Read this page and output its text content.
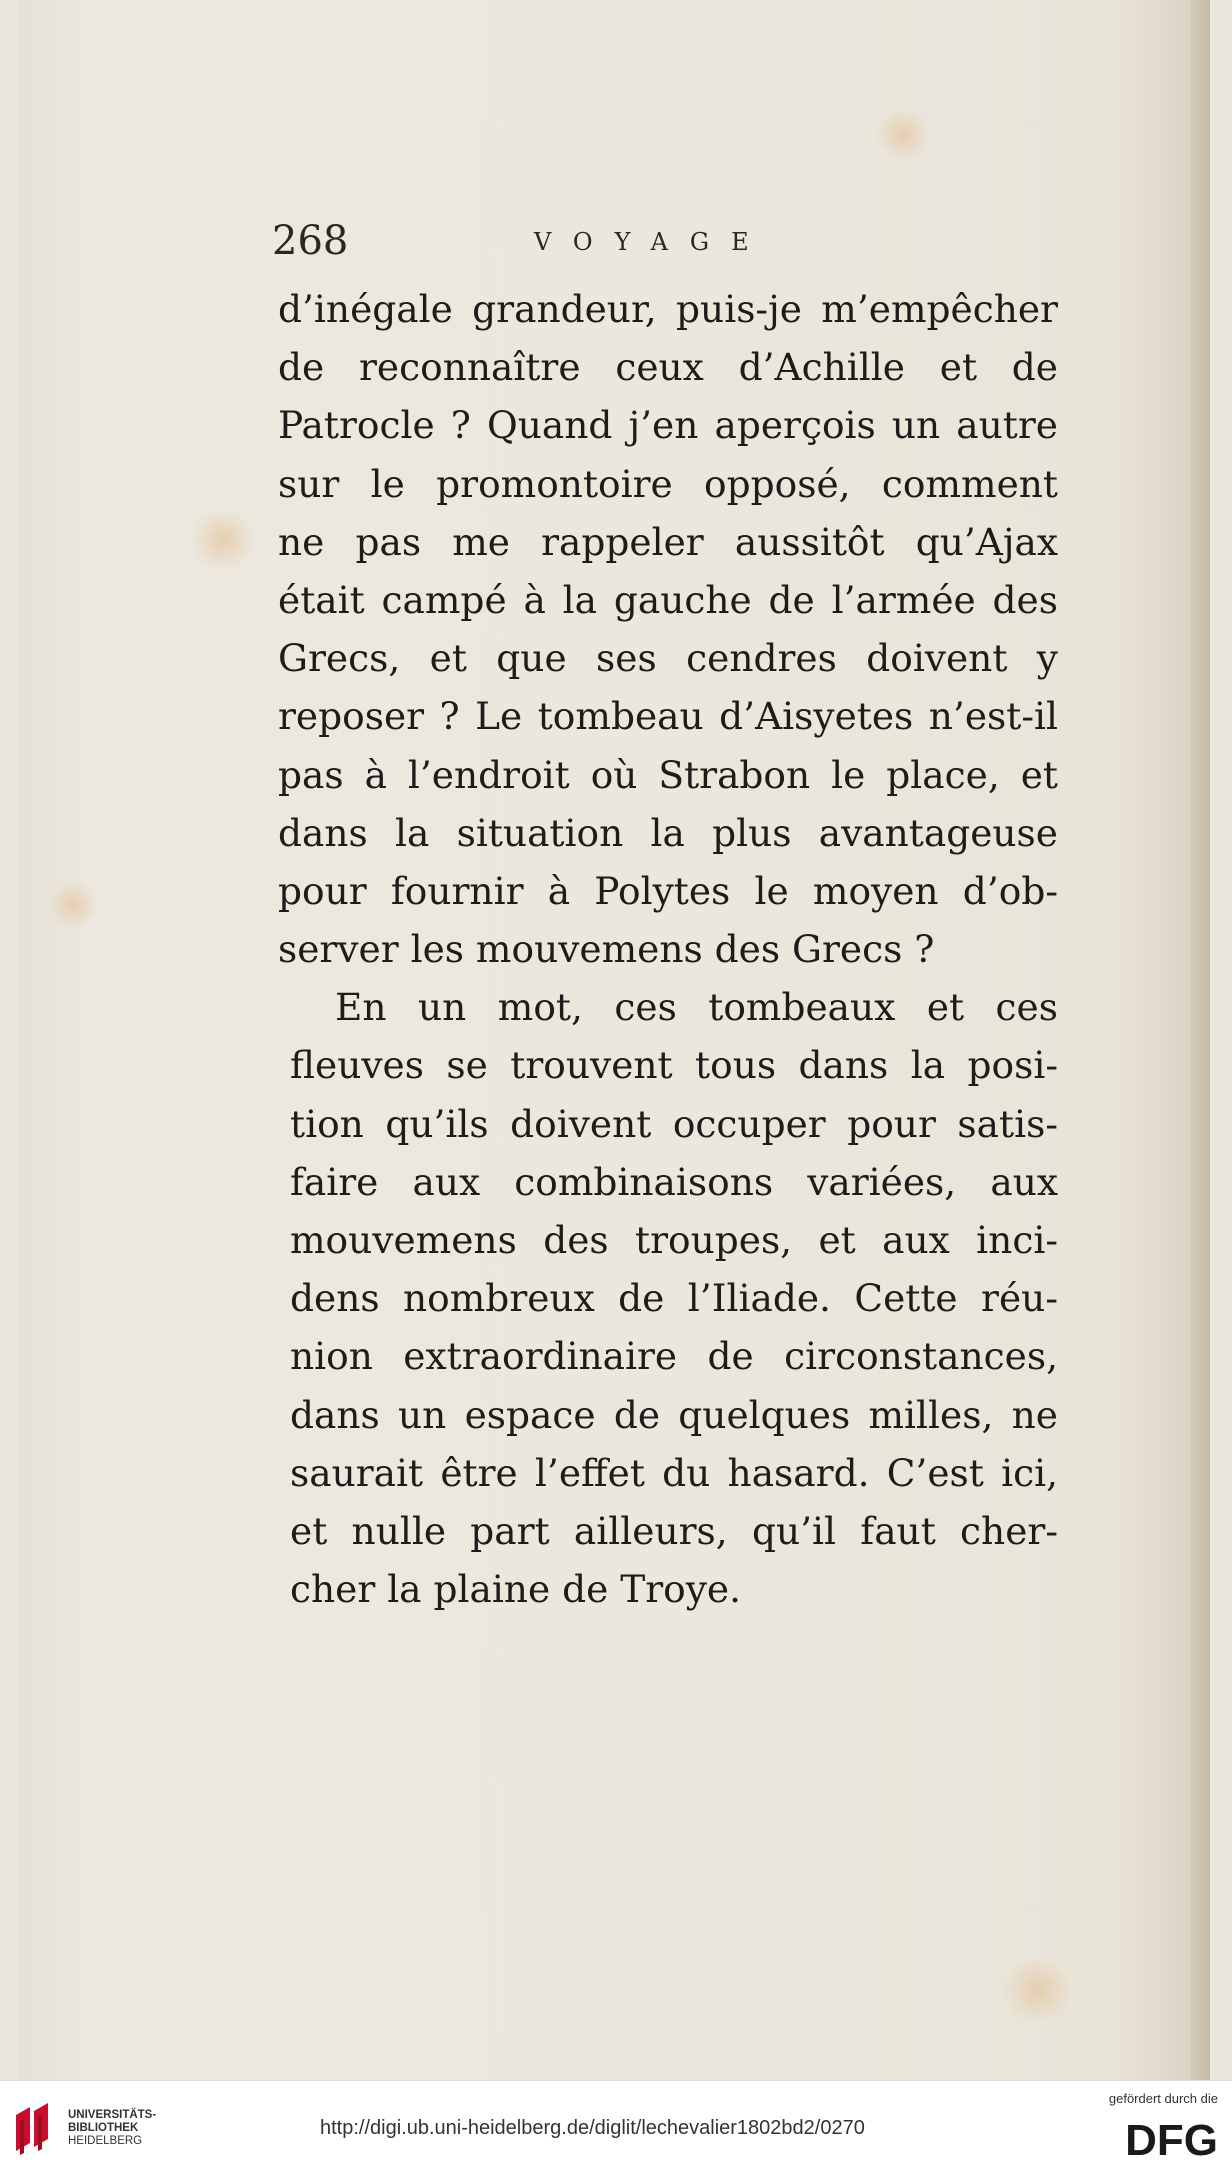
268	VOYAGE
d’inégale grandeur, puis-je m’empêcher
de reconnaître ceux d’Achille et de
Patrocle ? Quand j’en aperçois un autre
sur le promontoire opposé, comment
ne pas me rappeler aussitôt qu’Ajax
était campé à la gauche de l’armée des
Grecs, et que ses cendres doivent y
reposer ? Le tombeau d’Aisyetes n’est-il
pas à l’endroit où Strabon le place, et
dans la situation la plus avantageuse
pour fournir à Polytes le moyen d’ob-
server les mouvemens des Grecs ?
En un mot, ces tombeaux et ces
fleuves se trouvent tous dans la posi-
tion qu’ils doivent occuper pour satis-
faire aux combinaisons variées, aux
mouvemens des troupes, et aux inci-
dens nombreux de l’Iliade. Cette réu-
nion extraordinaire de circonstances,
dans un espace de quelques milles, ne
saurait être l’effet du hasard. C’est ici,
et nulle part ailleurs, qu’il faut cher-
cher la plaine de Troye.
UNIVERSITÄTS-
BIBLIOTHEK
HEIDELBERG
http://digi.ub.uni-heidelberg.de/diglit/lechevalier1802bd2/0270
gefördert durch die
DFG
